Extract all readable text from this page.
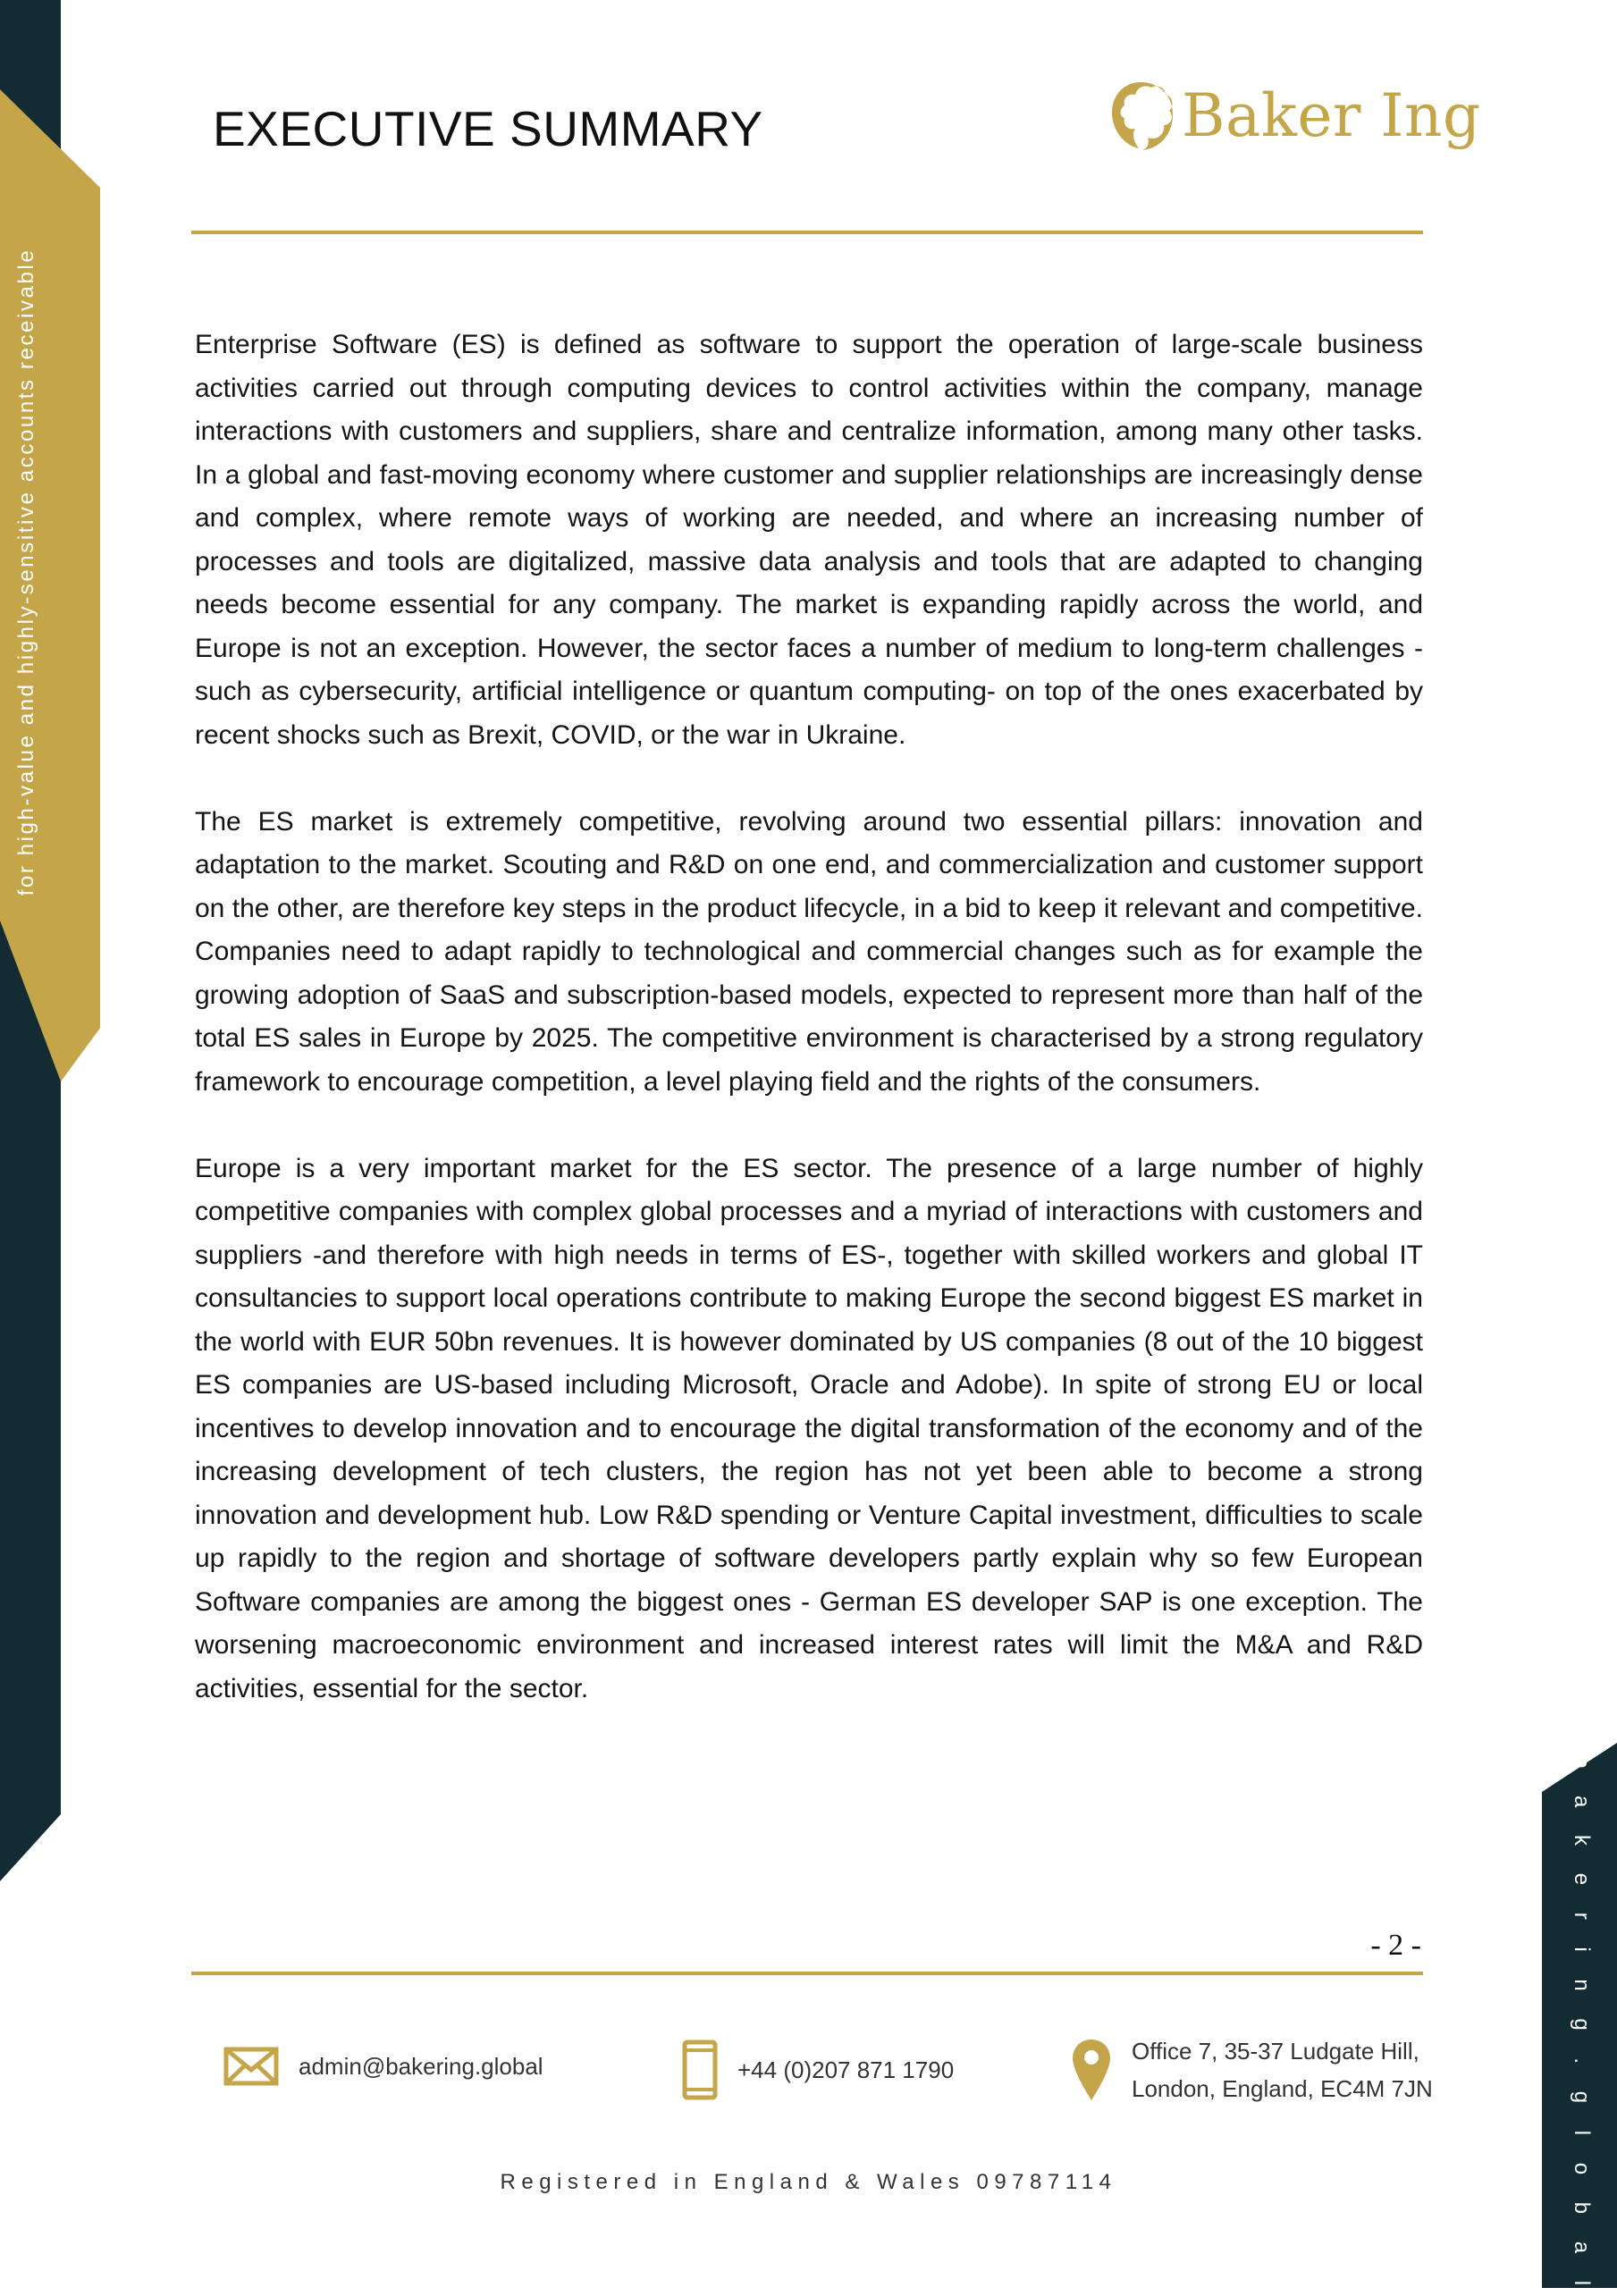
for high-value and highly-sensitive accounts receivable
b a k e r i n g . g l o b a l
EXECUTIVE SUMMARY	Baker Ing

Enterprise Software (ES) is defined as software to support the operation of large-scale business activities carried out through computing devices to control activities within the company, manage interactions with customers and suppliers, share and centralize information, among many other tasks. In a global and fast-moving economy where customer and supplier relationships are increasingly dense and complex, where remote ways of working are needed, and where an increasing number of processes and tools are digitalized, massive data analysis and tools that are adapted to changing needs become essential for any company. The market is expanding rapidly across the world, and Europe is not an exception. However, the sector faces a number of medium to long-term challenges -such as cybersecurity, artificial intelligence or quantum computing- on top of the ones exacerbated by recent shocks such as Brexit, COVID, or the war in Ukraine.

The ES market is extremely competitive, revolving around two essential pillars: innovation and adaptation to the market. Scouting and R&D on one end, and commercialization and customer support on the other, are therefore key steps in the product lifecycle, in a bid to keep it relevant and competitive. Companies need to adapt rapidly to technological and commercial changes such as for example the growing adoption of SaaS and subscription-based models, expected to represent more than half of the total ES sales in Europe by 2025. The competitive environment is characterised by a strong regulatory framework to encourage competition, a level playing field and the rights of the consumers.

Europe is a very important market for the ES sector. The presence of a large number of highly competitive companies with complex global processes and a myriad of interactions with customers and suppliers -and therefore with high needs in terms of ES-, together with skilled workers and global IT consultancies to support local operations contribute to making Europe the second biggest ES market in the world with EUR 50bn revenues. It is however dominated by US companies (8 out of the 10 biggest ES companies are US-based including Microsoft, Oracle and Adobe). In spite of strong EU or local incentives to develop innovation and to encourage the digital transformation of the economy and of the increasing development of tech clusters, the region has not yet been able to become a strong innovation and development hub. Low R&D spending or Venture Capital investment, difficulties to scale up rapidly to the region and shortage of software developers partly explain why so few European Software companies are among the biggest ones - German ES developer SAP is one exception. The worsening macroeconomic environment and increased interest rates will limit the M&A and R&D activities, essential for the sector.

- 2 -
admin@bakering.global	+44 (0)207 871 1790
Office 7, 35-37 Ludgate Hill,
London, England, EC4M 7JN
Registered in England & Wales 09787114
